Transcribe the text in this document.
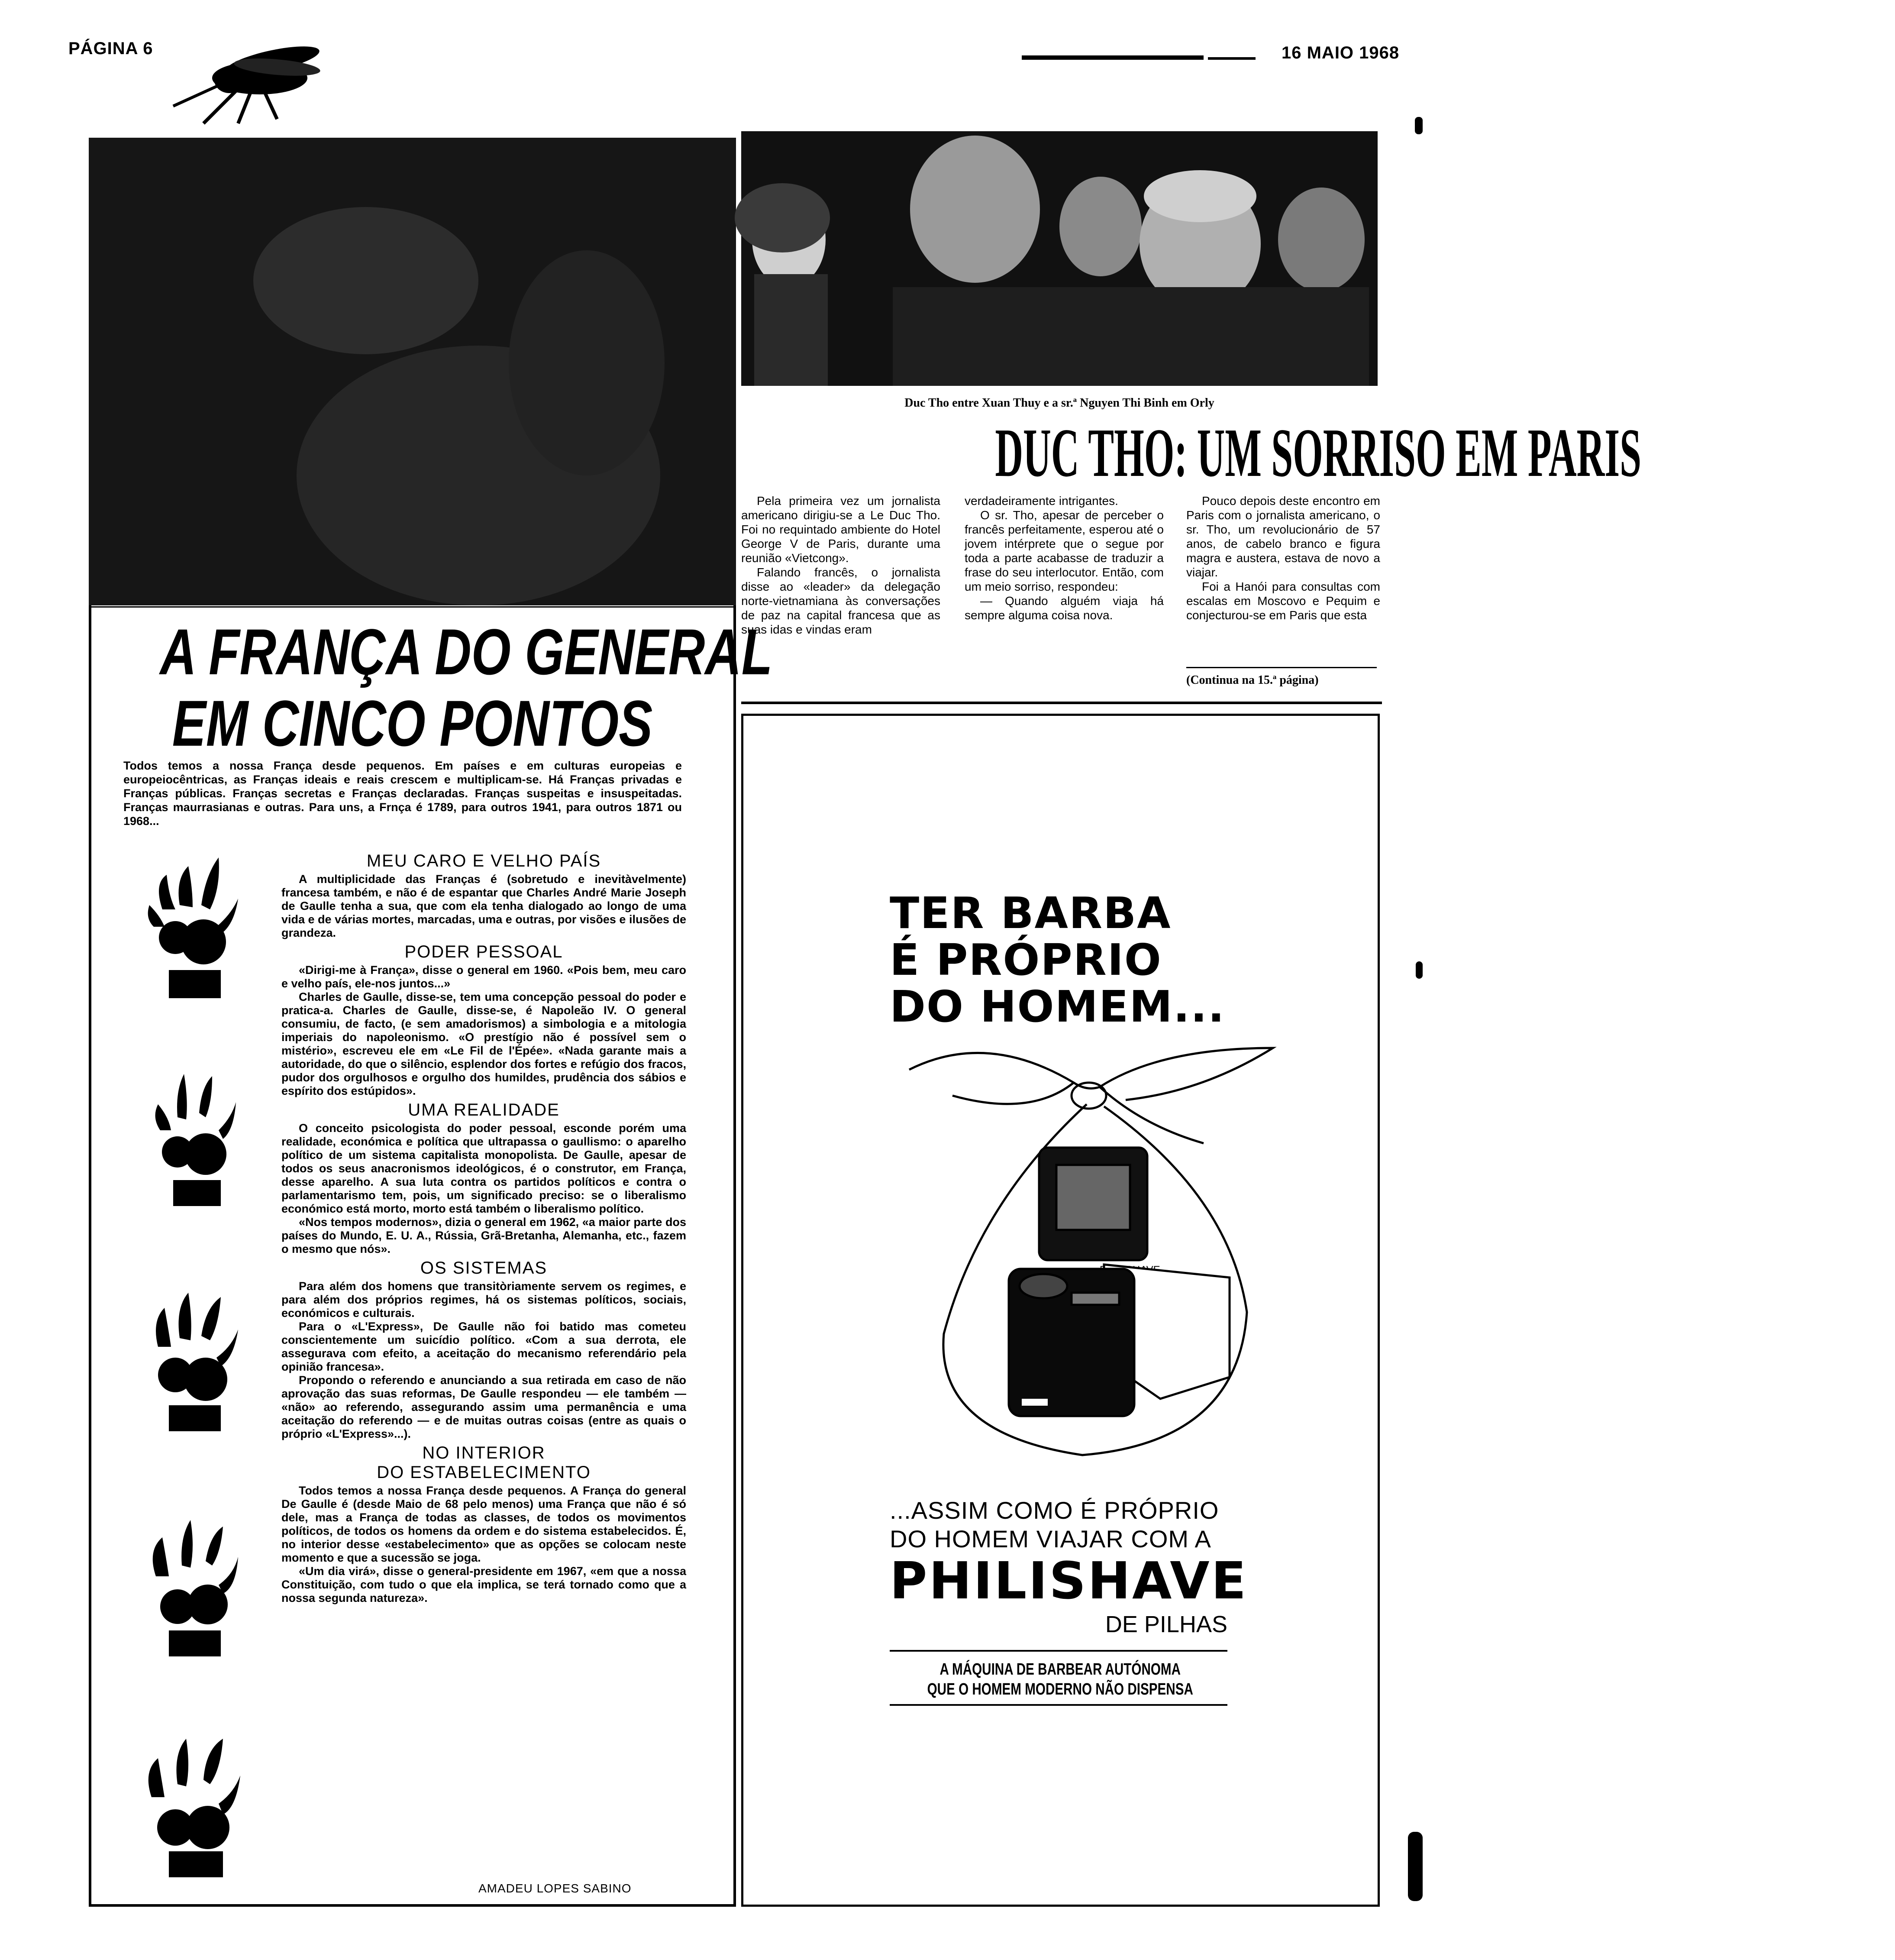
PÁGINA 6	16 MAIO 1968
A FRANÇA DO GENERAL
EM CINCO PONTOS
Todos temos a nossa França desde pequenos. Em países e em culturas europeias e europeiocêntricas, as Franças ideais e reais crescem e multiplicam-se. Há Franças privadas e Franças públicas. Franças secretas e Franças declaradas. Franças suspeitas e insuspeitadas. Franças maurrasianas e outras. Para uns, a Frnça é 1789, para outros 1941, para outros 1871 ou 1968...
MEU CARO E VELHO PAÍS

A multiplicidade das Franças é (sobretudo e inevitàvelmente) francesa também, e não é de espantar que Charles André Marie Joseph de Gaulle tenha a sua, que com ela tenha dialogado ao longo de uma vida e de várias mortes, marcadas, uma e outras, por visões e ilusões de grandeza.

PODER PESSOAL

«Dirigi-me à França», disse o general em 1960. «Pois bem, meu caro e velho país, ele-nos juntos...»

Charles de Gaulle, disse-se, tem uma concepção pessoal do poder e pratica-a. Charles de Gaulle, disse-se, é Napoleão IV. O general consumiu, de facto, (e sem amadorismos) a simbologia e a mitologia imperiais do napoleonismo. «O prestígio não é possível sem o mistério», escreveu ele em «Le Fil de l'Épée». «Nada garante mais a autoridade, do que o silêncio, esplendor dos fortes e refúgio dos fracos, pudor dos orgulhosos e orgulho dos humildes, prudência dos sábios e espírito dos estúpidos».

UMA REALIDADE

O conceito psicologista do poder pessoal, esconde porém uma realidade, económica e política que ultrapassa o gaullismo: o aparelho político de um sistema capitalista monopolista. De Gaulle, apesar de todos os seus anacronismos ideológicos, é o construtor, em França, desse aparelho. A sua luta contra os partidos políticos e contra o parlamentarismo tem, pois, um significado preciso: se o liberalismo económico está morto, morto está também o liberalismo político.

«Nos tempos modernos», dizia o general em 1962, «a maior parte dos países do Mundo, E. U. A., Rússia, Grã-Bretanha, Alemanha, etc., fazem o mesmo que nós».

OS SISTEMAS

Para além dos homens que transitòriamente servem os regimes, e para além dos próprios regimes, há os sistemas políticos, sociais, económicos e culturais.

Para o «L'Express», De Gaulle não foi batido mas cometeu conscientemente um suicídio político. «Com a sua derrota, ele assegurava com efeito, a aceitação do mecanismo referendário pela opinião francesa».

Propondo o referendo e anunciando a sua retirada em caso de não aprovação das suas reformas, De Gaulle respondeu — ele também — «não» ao referendo, assegurando assim uma permanência e uma aceitação do referendo — e de muitas outras coisas (entre as quais o próprio «L'Express»...).

NO INTERIOR
DO ESTABELECIMENTO

Todos temos a nossa França desde pequenos. A França do general De Gaulle é (desde Maio de 68 pelo menos) uma França que não é só dele, mas a França de todas as classes, de todos os movimentos políticos, de todos os homens da ordem e do sistema estabelecidos. É, no interior desse «estabelecimento» que as opções se colocam neste momento e que a sucessão se joga.

«Um dia virá», disse o general-presidente em 1967, «em que a nossa Constituição, com tudo o que ela implica, se terá tornado como que a nossa segunda natureza».

AMADEU LOPES SABINO
Duc Tho entre Xuan Thuy e a sr.ª Nguyen Thi Binh em Orly
DUC THO: UM SORRISO EM PARIS

Pela primeira vez um jornalista americano dirigiu-se a Le Duc Tho. Foi no requintado ambiente do Hotel George V de Paris, durante uma reunião «Vietcong».

Falando francês, o jornalista disse ao «leader» da delegação norte-vietnamiana às conversações de paz na capital francesa que as suas idas e vindas eram

verdadeiramente intrigantes.

O sr. Tho, apesar de perceber o francês perfeitamente, esperou até o jovem intérprete que o segue por toda a parte acabasse de traduzir a frase do seu interlocutor. Então, com um meio sorriso, respondeu:

— Quando alguém viaja há sempre alguma coisa nova.

Pouco depois deste encontro em Paris com o jornalista americano, o sr. Tho, um revolucionário de 57 anos, de cabelo branco e figura magra e austera, estava de novo a viajar.

Foi a Hanói para consultas com escalas em Moscovo e Pequim e conjecturou-se em Paris que esta

(Continua na 15.ª página)
TER BARBA
É PRÓPRIO
DO HOMEM...
...ASSIM COMO É PRÓPRIO
DO HOMEM VIAJAR COM A
PHILISHAVE
DE PILHAS
A MÁQUINA DE BARBEAR AUTÓNOMA
QUE O HOMEM MODERNO NÃO DISPENSA
